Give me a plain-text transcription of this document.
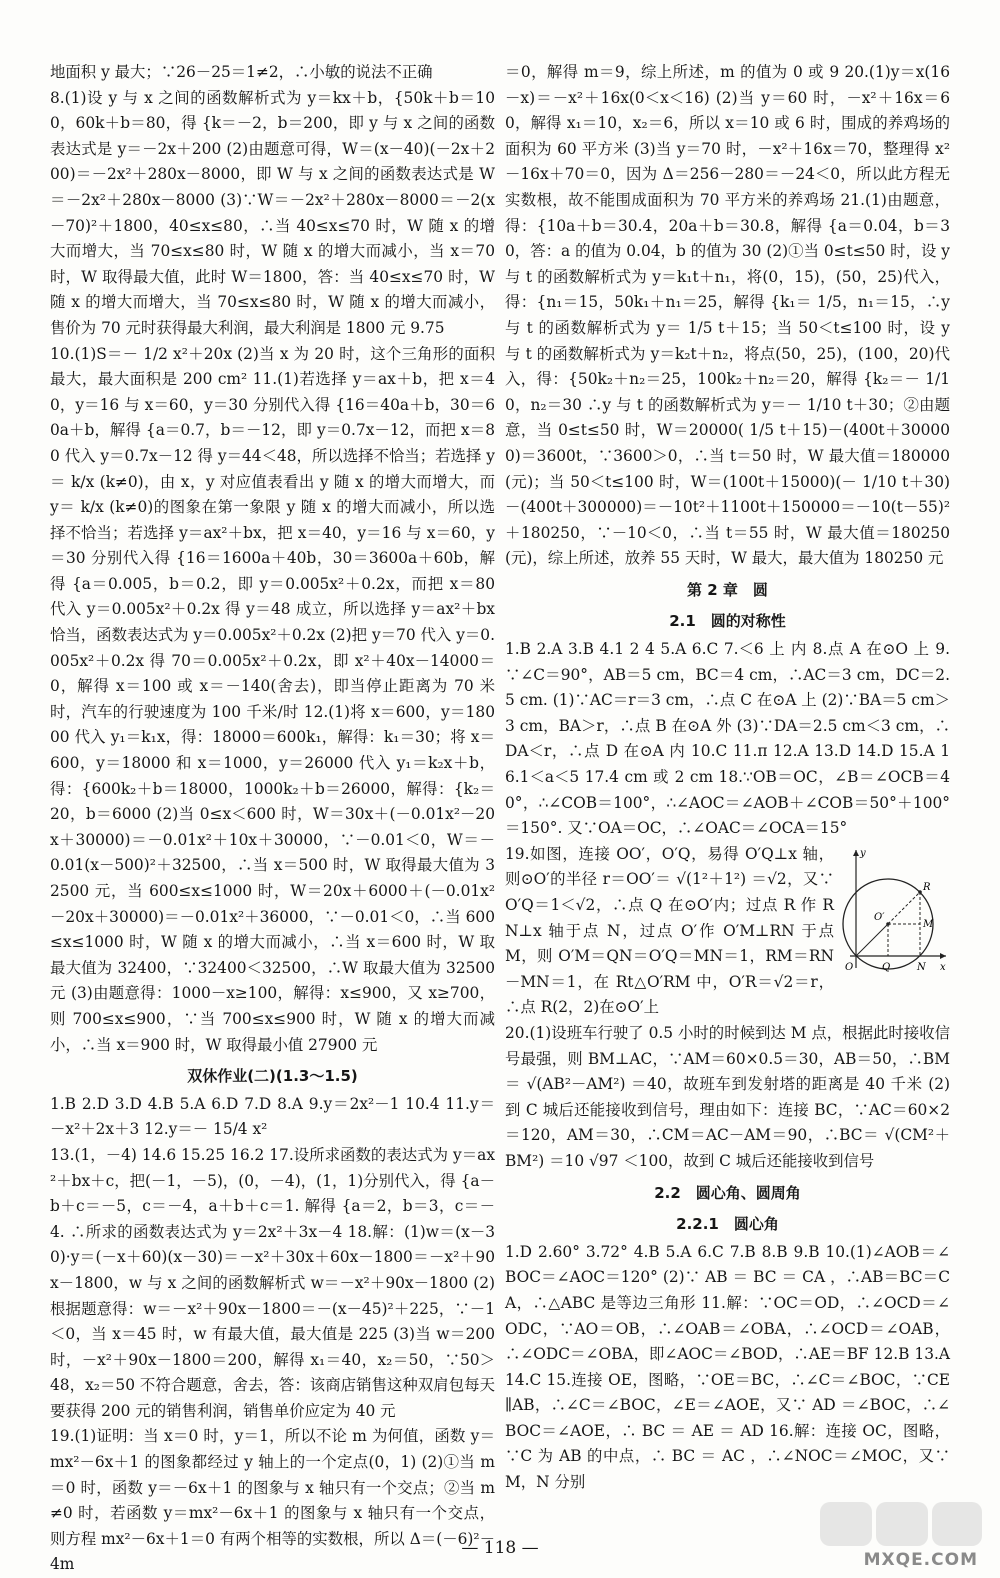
地面积 y 最大；∵26－25＝1≠2，∴小敏的说法不正确

8.(1)设 y 与 x 之间的函数解析式为 y＝kx＋b，{50k＋b＝100，60k＋b＝80，得 {k＝－2，b＝200，即 y 与 x 之间的函数表达式是 y＝－2x＋200 (2)由题意可得，W＝(x－40)(－2x＋200)＝－2x²＋280x－8000，即 W 与 x 之间的函数表达式是 W＝－2x²＋280x－8000 (3)∵W＝－2x²＋280x－8000＝－2(x－70)²＋1800，40≤x≤80，∴当 40≤x≤70 时，W 随 x 的增大而增大，当 70≤x≤80 时，W 随 x 的增大而减小，当 x＝70 时，W 取得最大值，此时 W＝1800，答：当 40≤x≤70 时，W 随 x 的增大而增大，当 70≤x≤80 时，W 随 x 的增大而减小，售价为 70 元时获得最大利润，最大利润是 1800 元 9.75

10.(1)S＝－ 1/2 x²＋20x (2)当 x 为 20 时，这个三角形的面积最大，最大面积是 200 cm² 11.(1)若选择 y＝ax＋b，把 x＝40，y＝16 与 x＝60，y＝30 分别代入得 {16＝40a＋b，30＝60a＋b，解得 {a＝0.7，b＝－12，即 y＝0.7x－12，而把 x＝80 代入 y＝0.7x－12 得 y＝44＜48，所以选择不恰当；若选择 y＝ k/x (k≠0)，由 x，y 对应值表看出 y 随 x 的增大而增大，而 y＝ k/x (k≠0)的图象在第一象限 y 随 x 的增大而减小，所以选择不恰当；若选择 y＝ax²＋bx，把 x＝40，y＝16 与 x＝60，y＝30 分别代入得 {16＝1600a＋40b，30＝3600a＋60b，解得 {a＝0.005，b＝0.2，即 y＝0.005x²＋0.2x，而把 x＝80 代入 y＝0.005x²＋0.2x 得 y＝48 成立，所以选择 y＝ax²＋bx 恰当，函数表达式为 y＝0.005x²＋0.2x (2)把 y＝70 代入 y＝0.005x²＋0.2x 得 70＝0.005x²＋0.2x，即 x²＋40x－14000＝0，解得 x＝100 或 x＝－140(舍去)，即当停止距离为 70 米时，汽车的行驶速度为 100 千米/时 12.(1)将 x＝600，y＝18000 代入 y₁＝k₁x，得：18000＝600k₁，解得：k₁＝30；将 x＝600，y＝18000 和 x＝1000，y＝26000 代入 y₁＝k₂x＋b，得：{600k₂＋b＝18000，1000k₂＋b＝26000，解得：{k₂＝20，b＝6000 (2)当 0≤x＜600 时，W＝30x＋(－0.01x²－20x＋30000)＝－0.01x²＋10x＋30000，∵－0.01＜0，W＝－0.01(x－500)²＋32500，∴当 x＝500 时，W 取得最大值为 32500 元，当 600≤x≤1000 时，W＝20x＋6000＋(－0.01x²－20x＋30000)＝－0.01x²＋36000，∵－0.01＜0，∴当 600≤x≤1000 时，W 随 x 的增大而减小，∴当 x＝600 时，W 取最大值为 32400，∵32400＜32500，∴W 取最大值为 32500 元 (3)由题意得：1000－x≥100，解得：x≤900，又 x≥700，则 700≤x≤900，∵当 700≤x≤900 时，W 随 x 的增大而减小，∴当 x＝900 时，W 取得最小值 27900 元

双休作业(二)(1.3～1.5)

1.B 2.D 3.D 4.B 5.A 6.D 7.D 8.A 9.y＝2x²－1 10.4 11.y＝－x²＋2x＋3 12.y＝－ 15/4 x²

13.(1，－4) 14.6 15.25 16.2 17.设所求函数的表达式为 y＝ax²＋bx＋c，把(－1，－5)，(0，－4)，(1，1)分别代入，得 {a－b＋c＝－5，c＝－4，a＋b＋c＝1. 解得 {a＝2，b＝3，c＝－4. ∴所求的函数表达式为 y＝2x²＋3x－4 18.解：(1)w＝(x－30)·y＝(－x＋60)(x－30)＝－x²＋30x＋60x－1800＝－x²＋90x－1800，w 与 x 之间的函数解析式 w＝－x²＋90x－1800 (2)根据题意得：w＝－x²＋90x－1800＝－(x－45)²＋225，∵－1＜0，当 x＝45 时，w 有最大值，最大值是 225 (3)当 w＝200 时，－x²＋90x－1800＝200，解得 x₁＝40，x₂＝50，∵50＞48，x₂＝50 不符合题意，舍去，答：该商店销售这种双肩包每天要获得 200 元的销售利润，销售单价应定为 40 元

19.(1)证明：当 x＝0 时，y＝1，所以不论 m 为何值，函数 y＝mx²－6x＋1 的图象都经过 y 轴上的一个定点(0，1) (2)①当 m＝0 时，函数 y＝－6x＋1 的图象与 x 轴只有一个交点；②当 m≠0 时，若函数 y＝mx²－6x＋1 的图象与 x 轴只有一个交点，则方程 mx²－6x＋1＝0 有两个相等的实数根，所以 Δ＝(－6)²－4m

＝0，解得 m＝9，综上所述，m 的值为 0 或 9 20.(1)y＝x(16－x)＝－x²＋16x(0＜x＜16) (2)当 y＝60 时，－x²＋16x＝60，解得 x₁＝10，x₂＝6，所以 x＝10 或 6 时，围成的养鸡场的面积为 60 平方米 (3)当 y＝70 时，－x²＋16x＝70，整理得 x²－16x＋70＝0，因为 Δ＝256－280＝－24＜0，所以此方程无实数根，故不能围成面积为 70 平方米的养鸡场 21.(1)由题意，得：{10a＋b＝30.4，20a＋b＝30.8，解得 {a＝0.04，b＝30，答：a 的值为 0.04，b 的值为 30 (2)①当 0≤t≤50 时，设 y 与 t 的函数解析式为 y＝k₁t＋n₁，将(0，15)，(50，25)代入，得：{n₁＝15，50k₁＋n₁＝25，解得 {k₁＝ 1/5，n₁＝15，∴y 与 t 的函数解析式为 y＝ 1/5 t＋15；当 50＜t≤100 时，设 y 与 t 的函数解析式为 y＝k₂t＋n₂，将点(50，25)，(100，20)代入，得：{50k₂＋n₂＝25，100k₂＋n₂＝20，解得 {k₂＝－ 1/10，n₂＝30 ∴y 与 t 的函数解析式为 y＝－ 1/10 t＋30；②由题意，当 0≤t≤50 时，W＝20000( 1/5 t＋15)－(400t＋300000)＝3600t，∵3600＞0，∴当 t＝50 时，W 最大值＝180000(元)；当 50＜t≤100 时，W＝(100t＋15000)(－ 1/10 t＋30)－(400t＋300000)＝－10t²＋1100t＋150000＝－10(t－55)²＋180250，∵－10＜0，∴当 t＝55 时，W 最大值＝180250(元)，综上所述，放养 55 天时，W 最大，最大值为 180250 元

第 2 章　圆

2.1　圆的对称性

1.B 2.A 3.B 4.1 2 4 5.A 6.C 7.＜6 上 内 8.点 A 在⊙O 上 9.∵∠C＝90°，AB＝5 cm，BC＝4 cm，∴AC＝3 cm，DC＝2.5 cm. (1)∵AC＝r＝3 cm，∴点 C 在⊙A 上 (2)∵BA＝5 cm＞3 cm，BA＞r，∴点 B 在⊙A 外 (3)∵DA＝2.5 cm＜3 cm，∴DA＜r，∴点 D 在⊙A 内 10.C 11.π 12.A 13.D 14.D 15.A 16.1＜a＜5 17.4 cm 或 2 cm 18.∵OB＝OC，∠B＝∠OCB＝40°，∴∠COB＝100°，∴∠AOC＝∠AOB＋∠COB＝50°＋100°＝150°. 又∵OA＝OC，∴∠OAC＝∠OCA＝15°

y
x
O	Q	N
R
M
O′

19.如图，连接 OO′，O′Q，易得 O′Q⊥x 轴，则⊙O′的半径 r＝OO′＝ √(1²＋1²) ＝√2，又∵O′Q＝1＜√2，∴点 Q 在⊙O′内；过点 R 作 RN⊥x 轴于点 N，过点 O′作 O′M⊥RN 于点 M，则 O′M＝QN＝O′Q＝MN＝1，RM＝RN－MN＝1，在 Rt△O′RM 中，O′R＝√2＝r，∴点 R(2，2)在⊙O′上

20.(1)设班车行驶了 0.5 小时的时候到达 M 点，根据此时接收信号最强，则 BM⊥AC，∵AM＝60×0.5＝30，AB＝50，∴BM＝ √(AB²－AM²) ＝40，故班车到发射塔的距离是 40 千米 (2)到 C 城后还能接收到信号，理由如下：连接 BC，∵AC＝60×2＝120，AM＝30，∴CM＝AC－AM＝90，∴BC＝ √(CM²＋BM²) ＝10 √97 ＜100，故到 C 城后还能接收到信号

2.2　圆心角、圆周角

2.2.1　圆心角

1.D 2.60° 3.72° 4.B 5.A 6.C 7.B 8.B 9.B 10.(1)∠AOB＝∠BOC＝∠AOC＝120° (2)∵ AB ＝ BC ＝ CA ，∴AB＝BC＝CA，∴△ABC 是等边三角形 11.解：∵OC＝OD，∴∠OCD＝∠ODC，∵AO＝OB，∴∠OAB＝∠OBA，∴∠OCD＝∠OAB，∴∠ODC＝∠OBA，即∠AOC＝∠BOD，∴AE＝BF 12.B 13.A 14.C 15.连接 OE，图略，∵OE＝BC，∴∠C＝∠BOC，∵CE∥AB，∴∠C＝∠BOC，∠E＝∠AOE，又∵ AD ＝∠BOC，∴∠BOC＝∠AOE，∴ BC ＝ AE ＝ AD 16.解：连接 OC，图略，∵C 为 AB 的中点，∴ BC ＝ AC ，∴∠NOC＝∠MOC，又∵M，N 分别

— 118 —
MXQE.COM
